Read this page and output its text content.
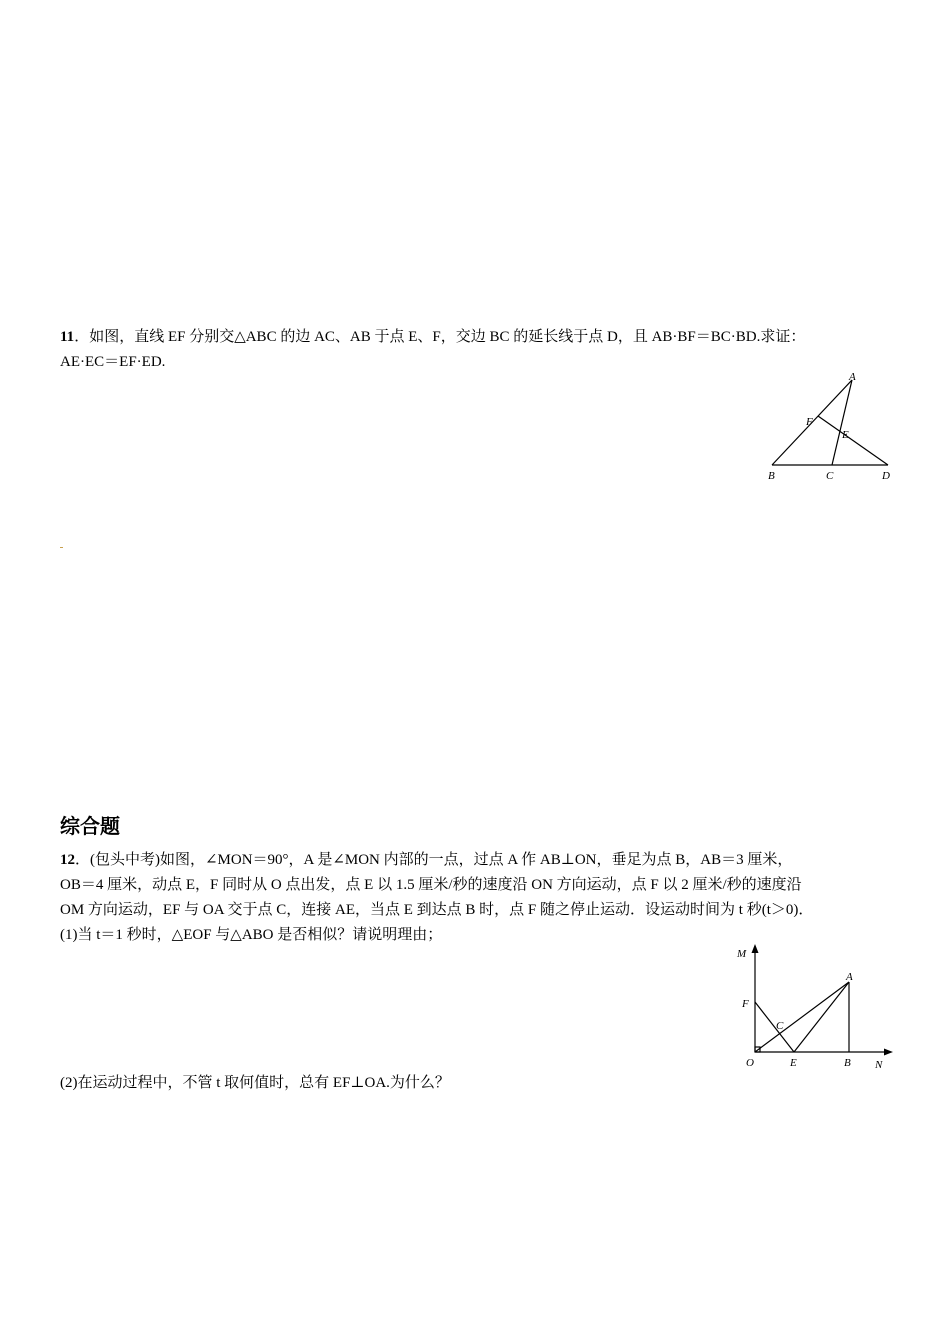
11．如图，直线 EF 分别交△ABC 的边 AC、AB 于点 E、F，交边 BC 的延长线于点 D，且 AB·BF＝BC·BD.求证：
AE·EC＝EF·ED.
A
F
E
B	C	D
综合题
12．(包头中考)如图，∠MON＝90°，A 是∠MON 内部的一点，过点 A 作 AB⊥ON，垂足为点 B，AB＝3 厘米，
OB＝4 厘米，动点 E，F 同时从 O 点出发，点 E 以 1.5 厘米/秒的速度沿 ON 方向运动，点 F 以 2 厘米/秒的速度沿
OM 方向运动，EF 与 OA 交于点 C，连接 AE，当点 E 到达点 B 时，点 F 随之停止运动．设运动时间为 t 秒(t＞0)．
(1)当 t＝1 秒时，△EOF 与△ABO 是否相似？请说明理由；
M
A
F
C
O	E	B N
(2)在运动过程中，不管 t 取何值时，总有 EF⊥OA.为什么？
